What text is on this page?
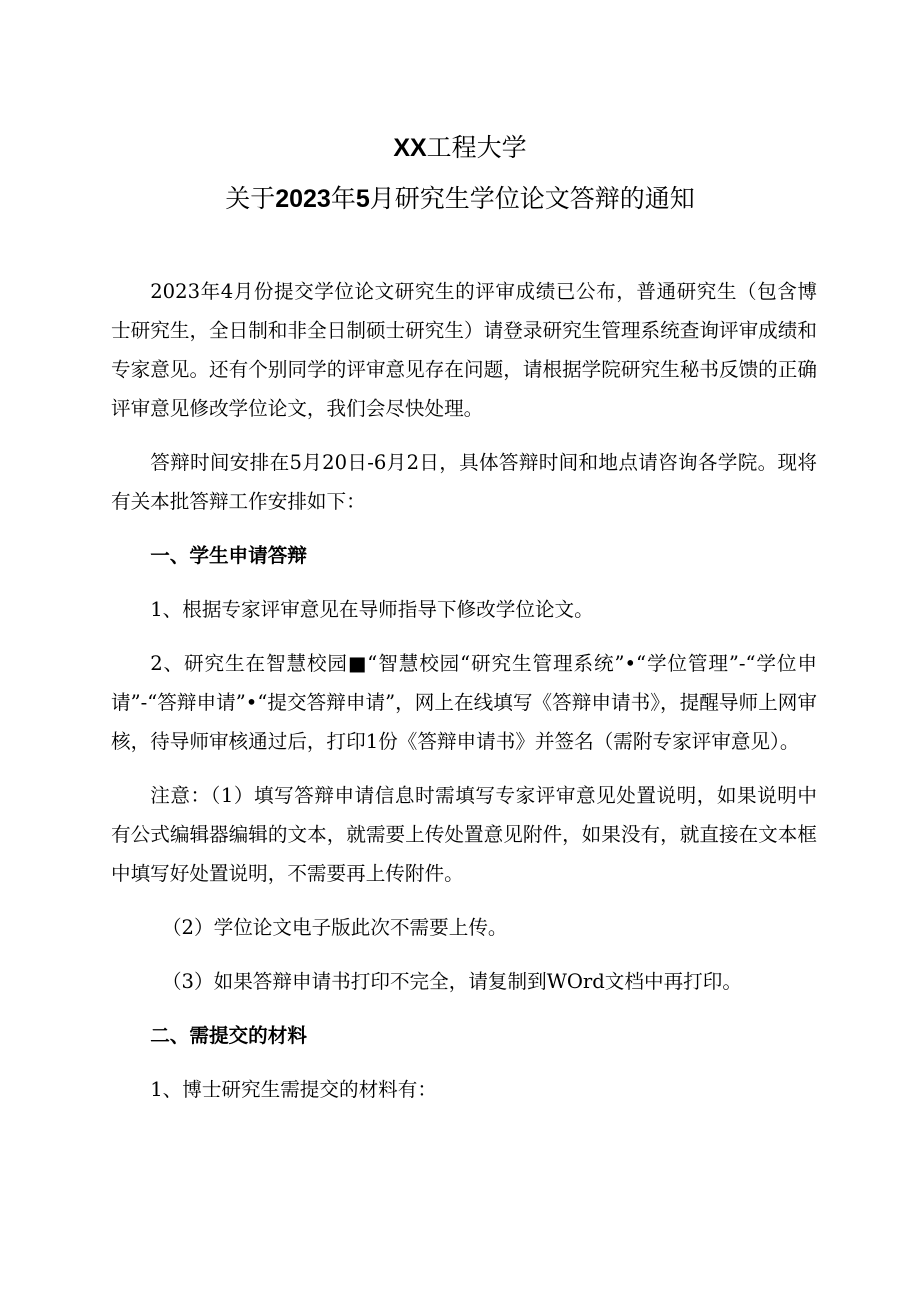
XX工程大学
关于2023年5月研究生学位论文答辩的通知

2023年4月份提交学位论文研究生的评审成绩已公布，普通研究生（包含博士研究生，全日制和非全日制硕士研究生）请登录研究生管理系统查询评审成绩和专家意见。还有个别同学的评审意见存在问题，请根据学院研究生秘书反馈的正确评审意见修改学位论文，我们会尽快处理。

答辩时间安排在5月20日-6月2日，具体答辩时间和地点请咨询各学院。现将有关本批答辩工作安排如下：

一、学生申请答辩

1、根据专家评审意见在导师指导下修改学位论文。

2、研究生在智慧校园■“智慧校园“研究生管理系统”•“学位管理”-“学位申请”-“答辩申请”•“提交答辩申请”，网上在线填写《答辩申请书》，提醒导师上网审核，待导师审核通过后，打印1份《答辩申请书》并签名（需附专家评审意见）。

注意：（1）填写答辩申请信息时需填写专家评审意见处置说明，如果说明中有公式编辑器编辑的文本，就需要上传处置意见附件，如果没有，就直接在文本框中填写好处置说明，不需要再上传附件。

（2）学位论文电子版此次不需要上传。

（3）如果答辩申请书打印不完全，请复制到WOrd文档中再打印。

二、需提交的材料

1、博士研究生需提交的材料有：
